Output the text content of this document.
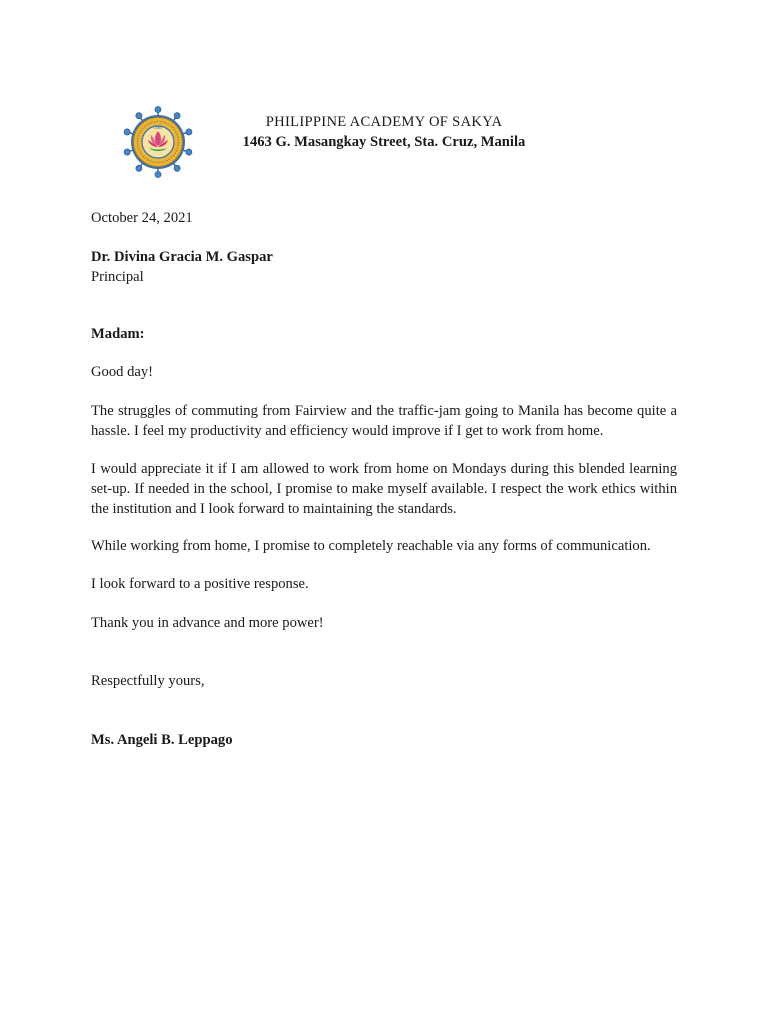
1960	PHILIPPINE ACADEMY OF SAKYA
1463 G. Masangkay Street, Sta. Cruz, Manila
October 24, 2021
Dr. Divina Gracia M. Gaspar
Principal
Madam:
Good day!

The struggles of commuting from Fairview and the traffic-jam going to Manila has become quite a hassle. I feel my productivity and efficiency would improve if I get to work from home.

I would appreciate it if I am allowed to work from home on Mondays during this blended learning set-up. If needed in the school, I promise to make myself available. I respect the work ethics within the institution and I look forward to maintaining the standards.

While working from home, I promise to completely reachable via any forms of communication.

I look forward to a positive response.

Thank you in advance and more power!

Respectfully yours,
Ms. Angeli B. Leppago
